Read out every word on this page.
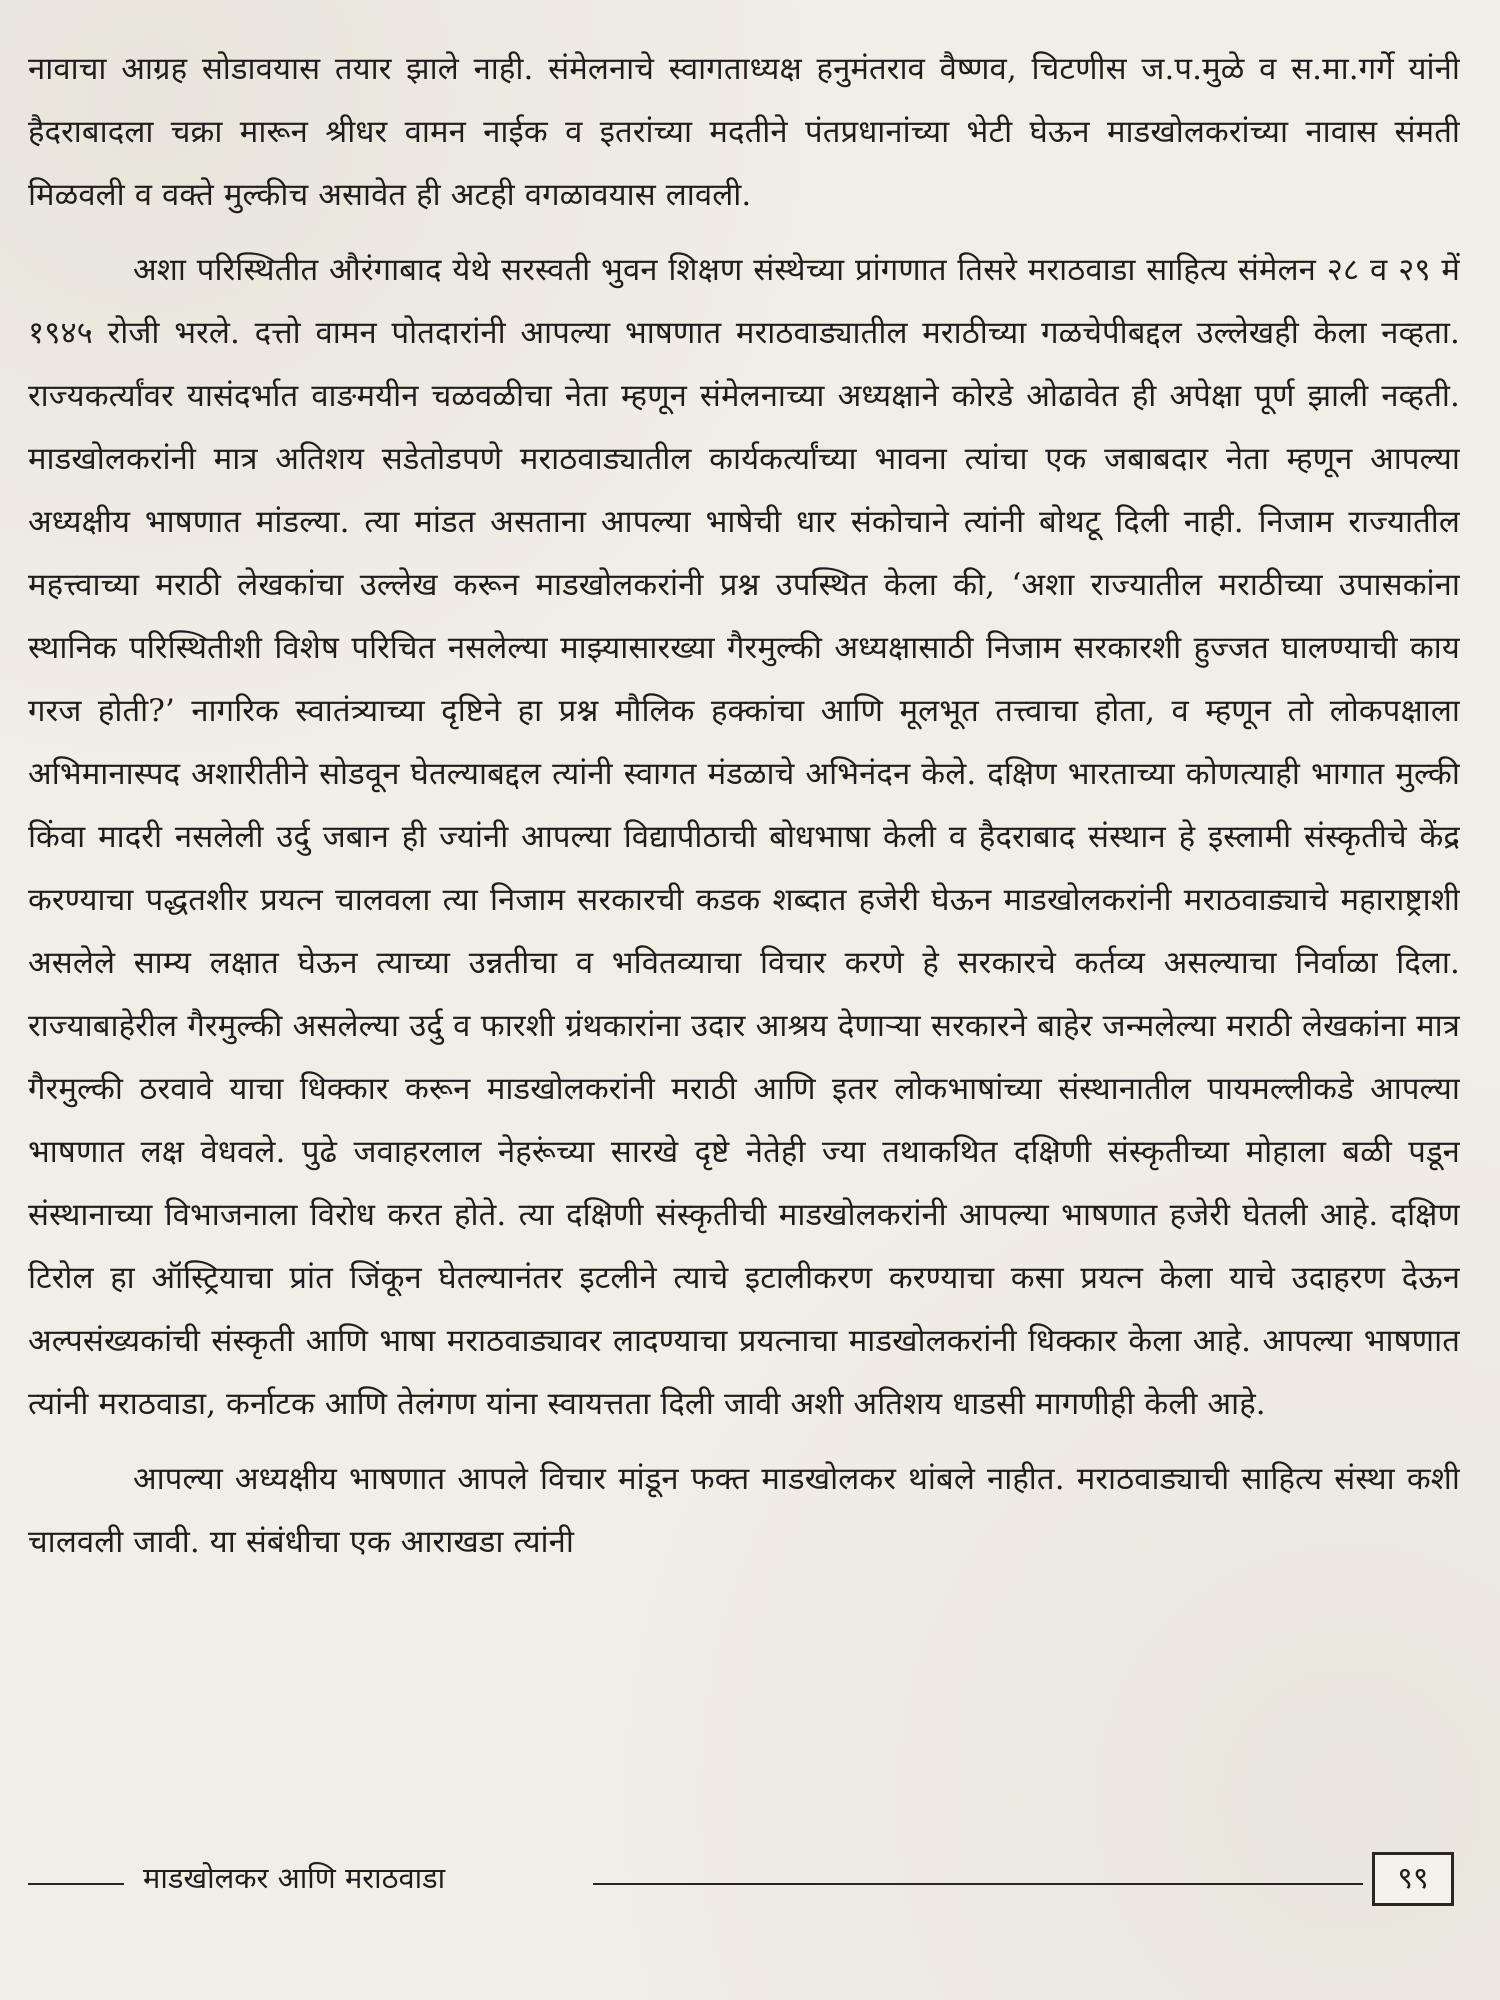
नावाचा आग्रह सोडावयास तयार झाले नाही. संमेलनाचे स्वागताध्यक्ष हनुमंतराव वैष्णव, चिटणीस ज.प.मुळे व स.मा.गर्गे यांनी हैदराबादला चक्रा मारून श्रीधर वामन नाईक व इतरांच्या मदतीने पंतप्रधानांच्या भेटी घेऊन माडखोलकरांच्या नावास संमती मिळवली व वक्ते मुल्कीच असावेत ही अटही वगळावयास लावली.

अशा परिस्थितीत औरंगाबाद येथे सरस्वती भुवन शिक्षण संस्थेच्या प्रांगणात तिसरे मराठवाडा साहित्य संमेलन २८ व २९ में १९४५ रोजी भरले. दत्तो वामन पोतदारांनी आपल्या भाषणात मराठवाड्यातील मराठीच्या गळचेपीबद्दल उल्लेखही केला नव्हता. राज्यकर्त्यांवर यासंदर्भात वाङमयीन चळवळीचा नेता म्हणून संमेलनाच्या अध्यक्षाने कोरडे ओढावेत ही अपेक्षा पूर्ण झाली नव्हती. माडखोलकरांनी मात्र अतिशय सडेतोडपणे मराठवाड्यातील कार्यकर्त्यांच्या भावना त्यांचा एक जबाबदार नेता म्हणून आपल्या अध्यक्षीय भाषणात मांडल्या. त्या मांडत असताना आपल्या भाषेची धार संकोचाने त्यांनी बोथटू दिली नाही. निजाम राज्यातील महत्त्वाच्या मराठी लेखकांचा उल्लेख करून माडखोलकरांनी प्रश्न उपस्थित केला की, ‘अशा राज्यातील मराठीच्या उपासकांना स्थानिक परिस्थितीशी विशेष परिचित नसलेल्या माझ्यासारख्या गैरमुल्की अध्यक्षासाठी निजाम सरकारशी हुज्जत घालण्याची काय गरज होती?’ नागरिक स्वातंत्र्याच्या दृष्टिने हा प्रश्न मौलिक हक्कांचा आणि मूलभूत तत्त्वाचा होता, व म्हणून तो लोकपक्षाला अभिमानास्पद अशारीतीने सोडवून घेतल्याबद्दल त्यांनी स्वागत मंडळाचे अभिनंदन केले. दक्षिण भारताच्या कोणत्याही भागात मुल्की किंवा मादरी नसलेली उर्दु जबान ही ज्यांनी आपल्या विद्यापीठाची बोधभाषा केली व हैदराबाद संस्थान हे इस्लामी संस्कृतीचे केंद्र करण्याचा पद्धतशीर प्रयत्न चालवला त्या निजाम सरकारची कडक शब्दात हजेरी घेऊन माडखोलकरांनी मराठवाड्याचे महाराष्ट्राशी असलेले साम्य लक्षात घेऊन त्याच्या उन्नतीचा व भवितव्याचा विचार करणे हे सरकारचे कर्तव्य असल्याचा निर्वाळा दिला. राज्याबाहेरील गैरमुल्की असलेल्या उर्दु व फारशी ग्रंथकारांना उदार आश्रय देणाऱ्या सरकारने बाहेर जन्मलेल्या मराठी लेखकांना मात्र गैरमुल्की ठरवावे याचा धिक्कार करून माडखोलकरांनी मराठी आणि इतर लोकभाषांच्या संस्थानातील पायमल्लीकडे आपल्या भाषणात लक्ष वेधवले. पुढे जवाहरलाल नेहरूंच्या सारखे दृष्टे नेतेही ज्या तथाकथित दक्षिणी संस्कृतीच्या मोहाला बळी पडून संस्थानाच्या विभाजनाला विरोध करत होते. त्या दक्षिणी संस्कृतीची माडखोलकरांनी आपल्या भाषणात हजेरी घेतली आहे. दक्षिण टिरोल हा ऑस्ट्रियाचा प्रांत जिंकून घेतल्यानंतर इटलीने त्याचे इटालीकरण करण्याचा कसा प्रयत्न केला याचे उदाहरण देऊन अल्पसंख्यकांची संस्कृती आणि भाषा मराठवाड्यावर लादण्याचा प्रयत्नाचा माडखोलकरांनी धिक्कार केला आहे. आपल्या भाषणात त्यांनी मराठवाडा, कर्नाटक आणि तेलंगण यांना स्वायत्तता दिली जावी अशी अतिशय धाडसी मागणीही केली आहे.

आपल्या अध्यक्षीय भाषणात आपले विचार मांडून फक्त माडखोलकर थांबले नाहीत. मराठवाड्याची साहित्य संस्था कशी चालवली जावी. या संबंधीचा एक आराखडा त्यांनी

माडखोलकर आणि मराठवाडा	९९
